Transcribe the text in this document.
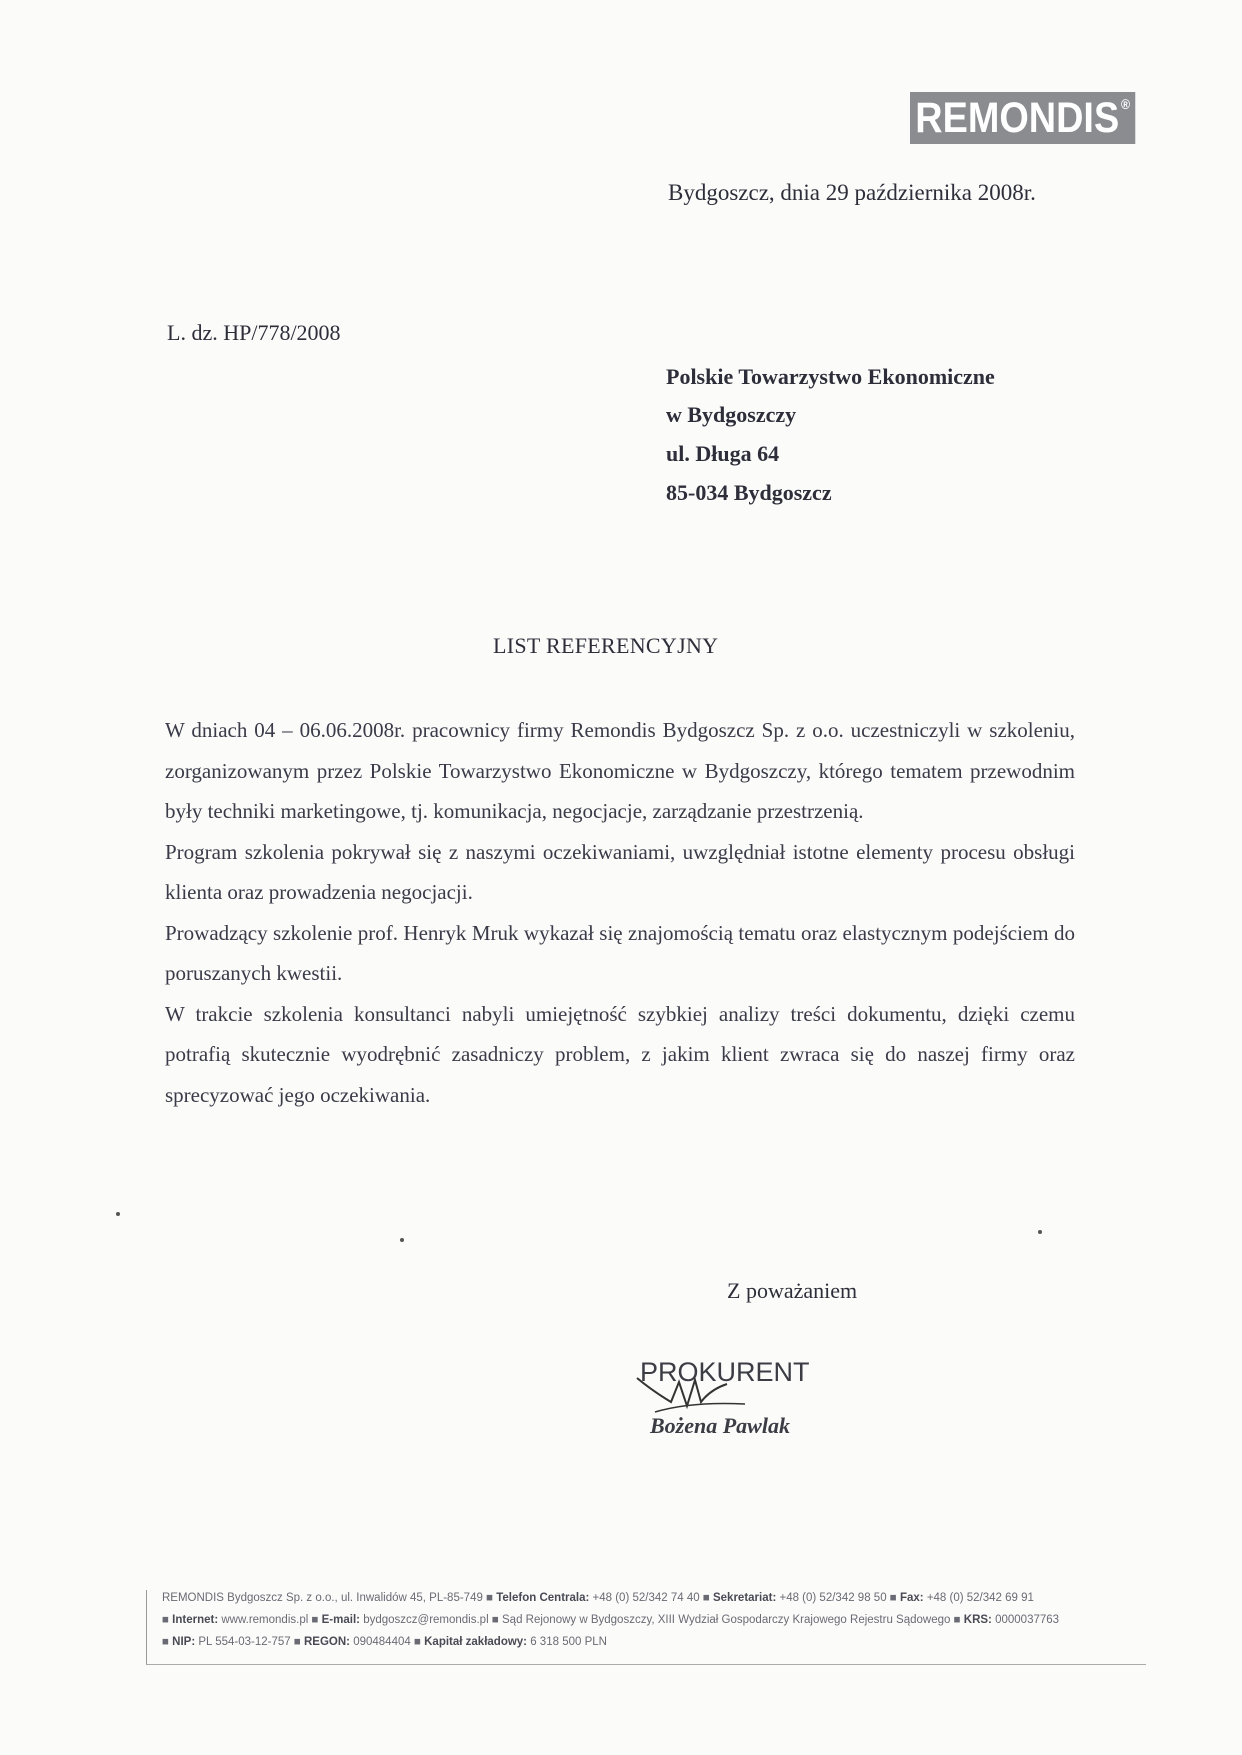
REMONDIS ®
Bydgoszcz, dnia 29 października 2008r.
L. dz. HP/778/2008
Polskie Towarzystwo Ekonomiczne
w Bydgoszczy
ul. Długa 64
85-034 Bydgoszcz
LIST REFERENCYJNY

W dniach 04 – 06.06.2008r. pracownicy firmy Remondis Bydgoszcz Sp. z o.o. uczestniczyli w szkoleniu, zorganizowanym przez Polskie Towarzystwo Ekonomiczne w Bydgoszczy, którego tematem przewodnim były techniki marketingowe, tj. komunikacja, negocjacje, zarządzanie przestrzenią.

Program szkolenia pokrywał się z naszymi oczekiwaniami, uwzględniał istotne elementy procesu obsługi klienta oraz prowadzenia negocjacji.

Prowadzący szkolenie prof. Henryk Mruk wykazał się znajomością tematu oraz elastycznym podejściem do poruszanych kwestii.

W trakcie szkolenia konsultanci nabyli umiejętność szybkiej analizy treści dokumentu, dzięki czemu potrafią skutecznie wyodrębnić zasadniczy problem, z jakim klient zwraca się do naszej firmy oraz sprecyzować jego oczekiwania.

Z poważaniem
PROKURENT
Bożena Pawlak
REMONDIS Bydgoszcz Sp. z o.o., ul. Inwalidów 45, PL-85-749 ■ Telefon Centrala: +48 (0) 52/342 74 40 ■ Sekretariat: +48 (0) 52/342 98 50 ■ Fax: +48 (0) 52/342 69 91
■ Internet: www.remondis.pl ■ E-mail: bydgoszcz@remondis.pl ■ Sąd Rejonowy w Bydgoszczy, XIII Wydział Gospodarczy Krajowego Rejestru Sądowego ■ KRS: 0000037763
■ NIP: PL 554-03-12-757 ■ REGON: 090484404 ■ Kapitał zakładowy: 6 318 500 PLN
